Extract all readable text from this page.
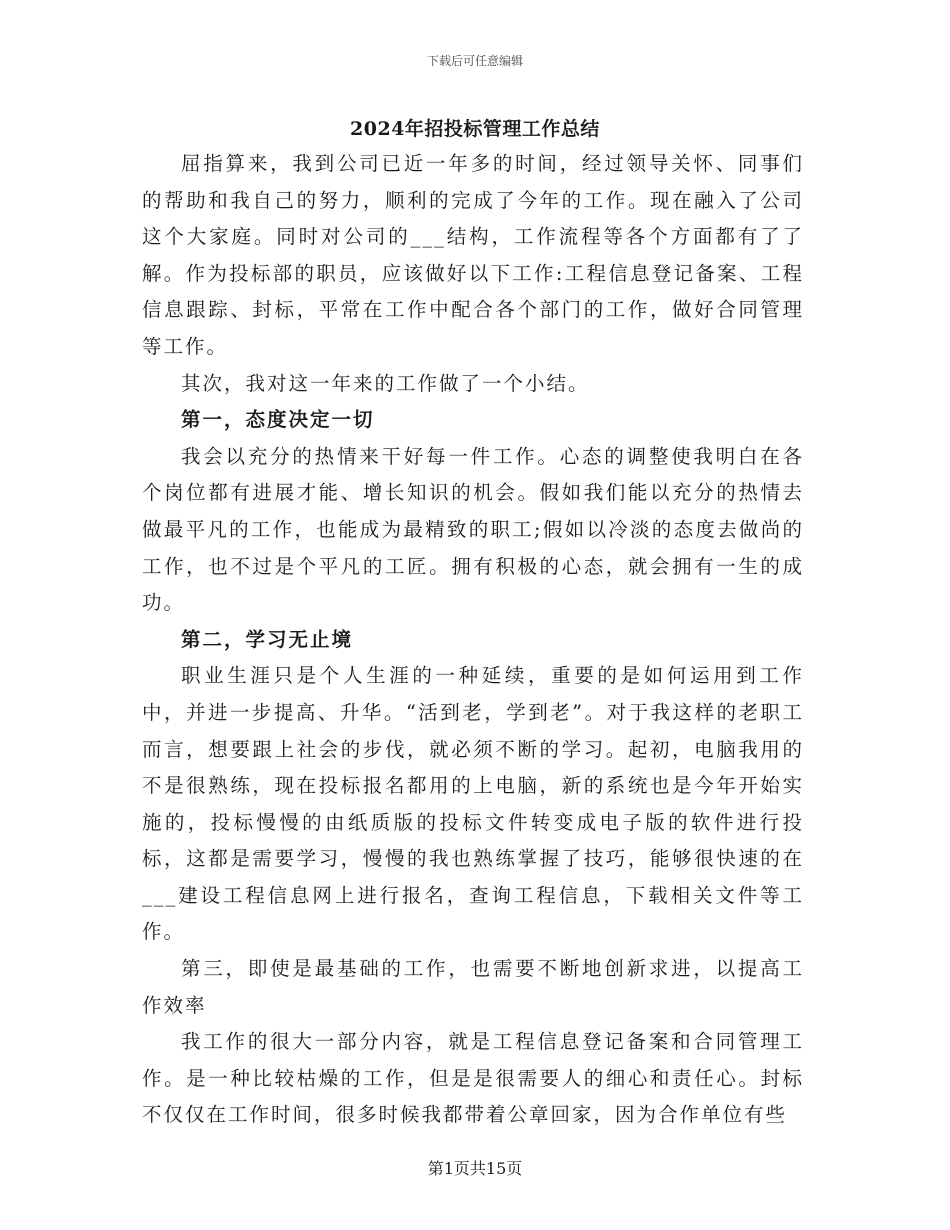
下载后可任意编辑
2024年招投标管理工作总结

屈指算来，我到公司已近一年多的时间，经过领导关怀、同事们的帮助和我自己的努力，顺利的完成了今年的工作。现在融入了公司这个大家庭。同时对公司的___结构，工作流程等各个方面都有了了解。作为投标部的职员，应该做好以下工作:工程信息登记备案、工程信息跟踪、封标，平常在工作中配合各个部门的工作，做好合同管理等工作。

其次，我对这一年来的工作做了一个小结。

第一，态度决定一切

我会以充分的热情来干好每一件工作。心态的调整使我明白在各个岗位都有进展才能、增长知识的机会。假如我们能以充分的热情去做最平凡的工作，也能成为最精致的职工;假如以冷淡的态度去做尚的工作，也不过是个平凡的工匠。拥有积极的心态，就会拥有一生的成功。

第二，学习无止境

职业生涯只是个人生涯的一种延续，重要的是如何运用到工作中，并进一步提高、升华。“活到老，学到老”。对于我这样的老职工而言，想要跟上社会的步伐，就必须不断的学习。起初，电脑我用的不是很熟练，现在投标报名都用的上电脑，新的系统也是今年开始实施的，投标慢慢的由纸质版的投标文件转变成电子版的软件进行投标，这都是需要学习，慢慢的我也熟练掌握了技巧，能够很快速的在___建设工程信息网上进行报名，查询工程信息，下载相关文件等工作。

第三，即使是最基础的工作，也需要不断地创新求进，以提高工作效率

我工作的很大一部分内容，就是工程信息登记备案和合同管理工作。是一种比较枯燥的工作，但是是很需要人的细心和责任心。封标不仅仅在工作时间，很多时候我都带着公章回家，因为合作单位有些

第1页共15页
